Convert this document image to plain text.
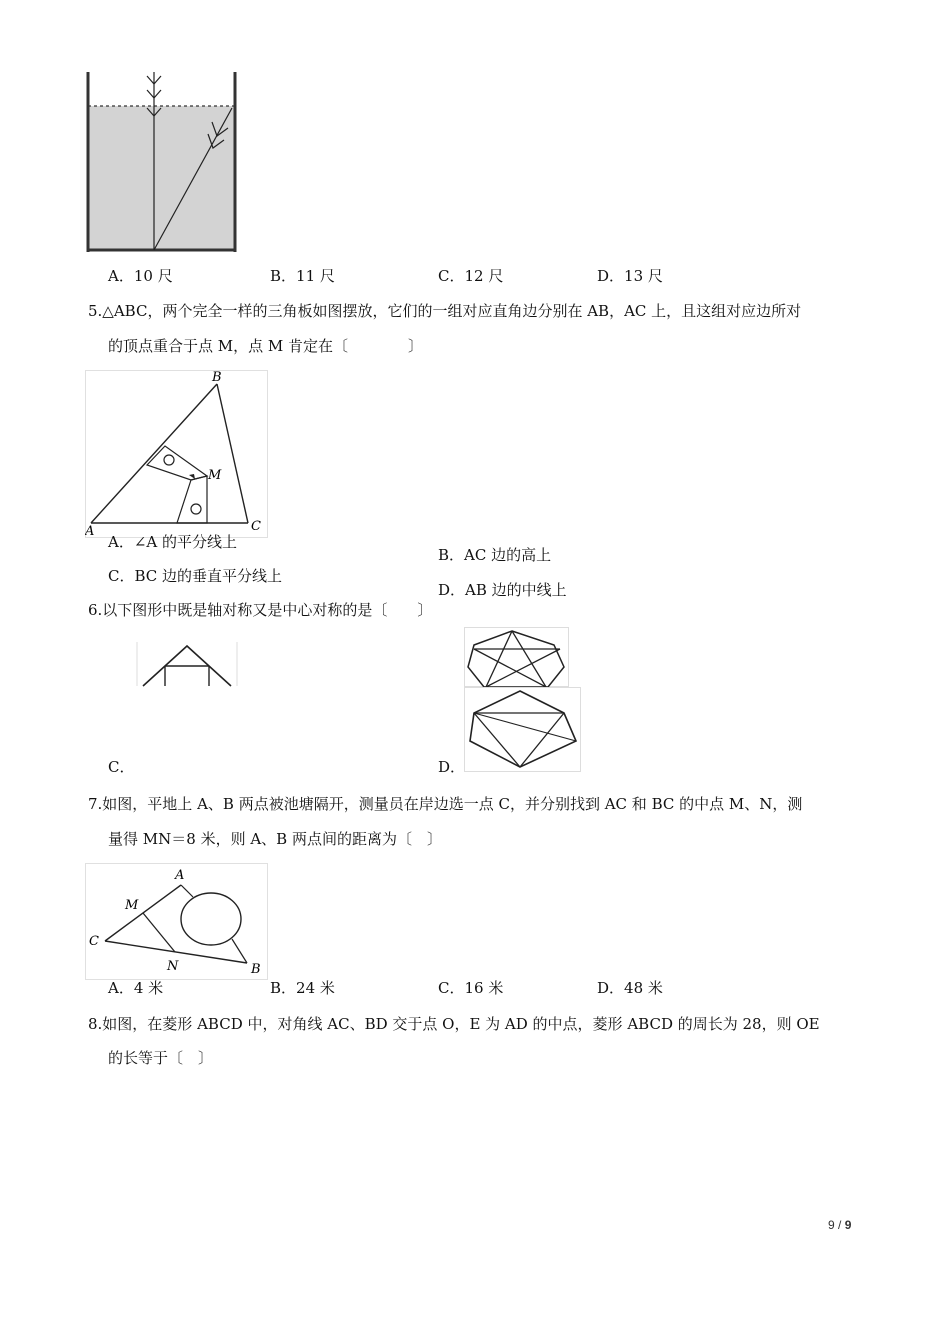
A．10 尺	B．11 尺	C．12 尺	D．13 尺
5.△ABC，两个完全一样的三角板如图摆放，它们的一组对应直角边分别在 AB，AC 上，且这组对应边所对
的顶点重合于点 M，点 M 肯定在〔　　　　〕
B
M
A	C
A．∠A 的平分线上
B．AC 边的高上
C．BC 边的垂直平分线上
D．AB 边的中线上
6.以下图形中既是轴对称又是中心对称的是〔　　〕
C．	D．
7.如图，平地上 A、B 两点被池塘隔开，测量员在岸边选一点 C，并分别找到 AC 和 BC 的中点 M、N，测
量得 MN＝8 米，则 A、B 两点间的距离为〔　〕
A
M
C
N	B
A．4 米	B．24 米	C．16 米	D．48 米
8.如图，在菱形 ABCD 中，对角线 AC、BD 交于点 O，E 为 AD 的中点，菱形 ABCD 的周长为 28，则 OE
的长等于〔　〕
9 / 9
